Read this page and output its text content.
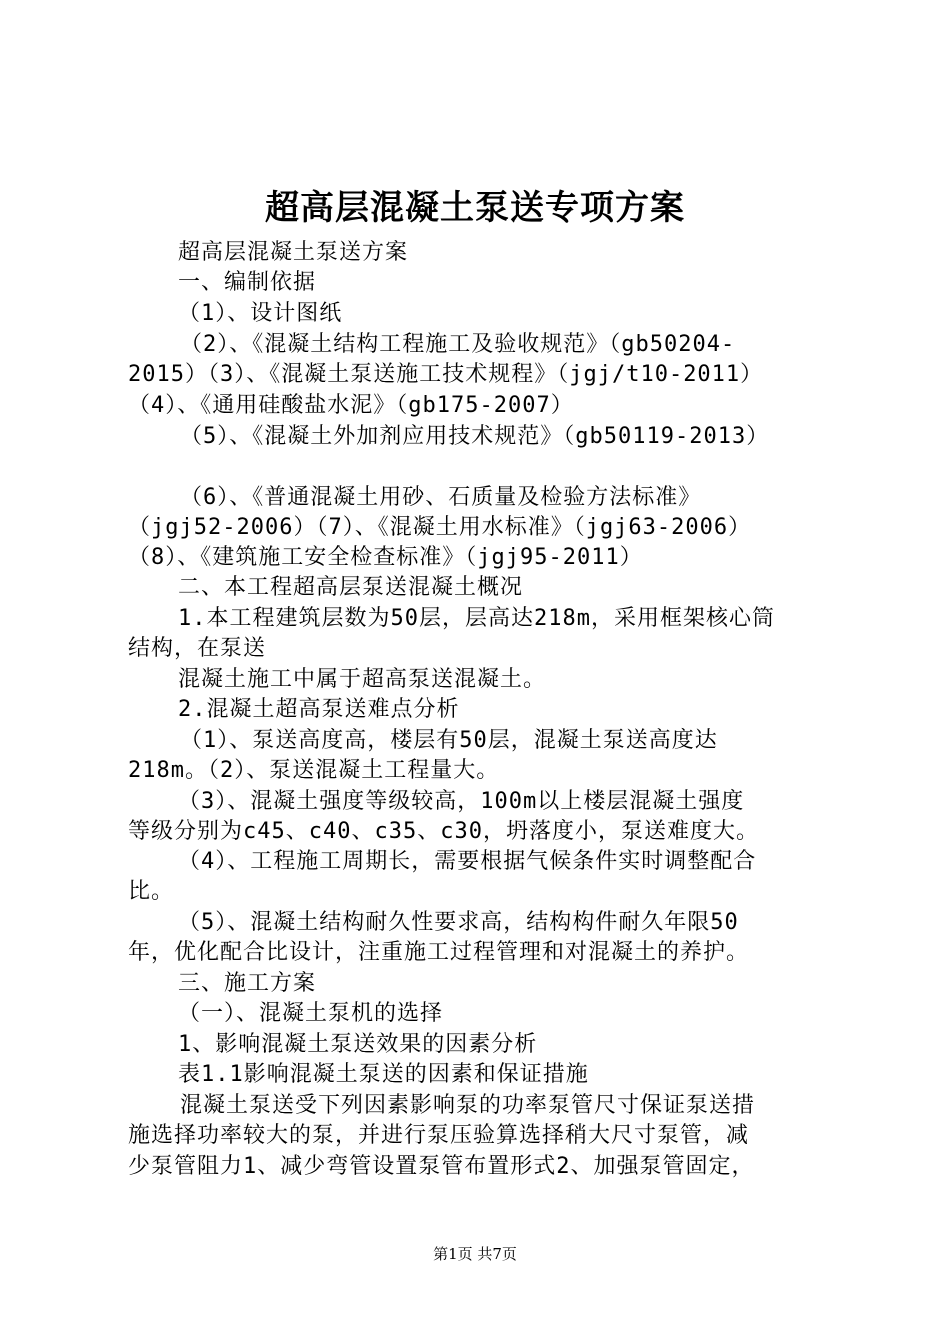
超高层混凝土泵送专项方案
超高层混凝土泵送方案
一、编制依据
（1）、设计图纸
（2）、《混凝土结构工程施工及验收规范》（gb50204-
2015）（3）、《混凝土泵送施工技术规程》（jgj/t10-2011）
（4）、《通用硅酸盐水泥》（gb175-2007）
（5）、《混凝土外加剂应用技术规范》（gb50119-2013）
（6）、《普通混凝土用砂、石质量及检验方法标准》
（jgj52-2006）（7）、《混凝土用水标准》（jgj63-2006）
（8）、《建筑施工安全检查标准》（jgj95-2011）
二、本工程超高层泵送混凝土概况
1.本工程建筑层数为50层，层高达218m，采用框架核心筒
结构，在泵送
混凝土施工中属于超高泵送混凝土。
2.混凝土超高泵送难点分析
（1）、泵送高度高，楼层有50层，混凝土泵送高度达
218m。（2）、泵送混凝土工程量大。
（3）、混凝土强度等级较高，100m以上楼层混凝土强度
等级分别为c45、c40、c35、c30，坍落度小，泵送难度大。
（4）、工程施工周期长，需要根据气候条件实时调整配合
比。
（5）、混凝土结构耐久性要求高，结构构件耐久年限50
年，优化配合比设计，注重施工过程管理和对混凝土的养护。
三、施工方案
（一）、混凝土泵机的选择
1、影响混凝土泵送效果的因素分析
表1.1影响混凝土泵送的因素和保证措施
混凝土泵送受下列因素影响泵的功率泵管尺寸保证泵送措
施选择功率较大的泵，并进行泵压验算选择稍大尺寸泵管，减
少泵管阻力1、减少弯管设置泵管布置形式2、加强泵管固定，
第1页 共7页
